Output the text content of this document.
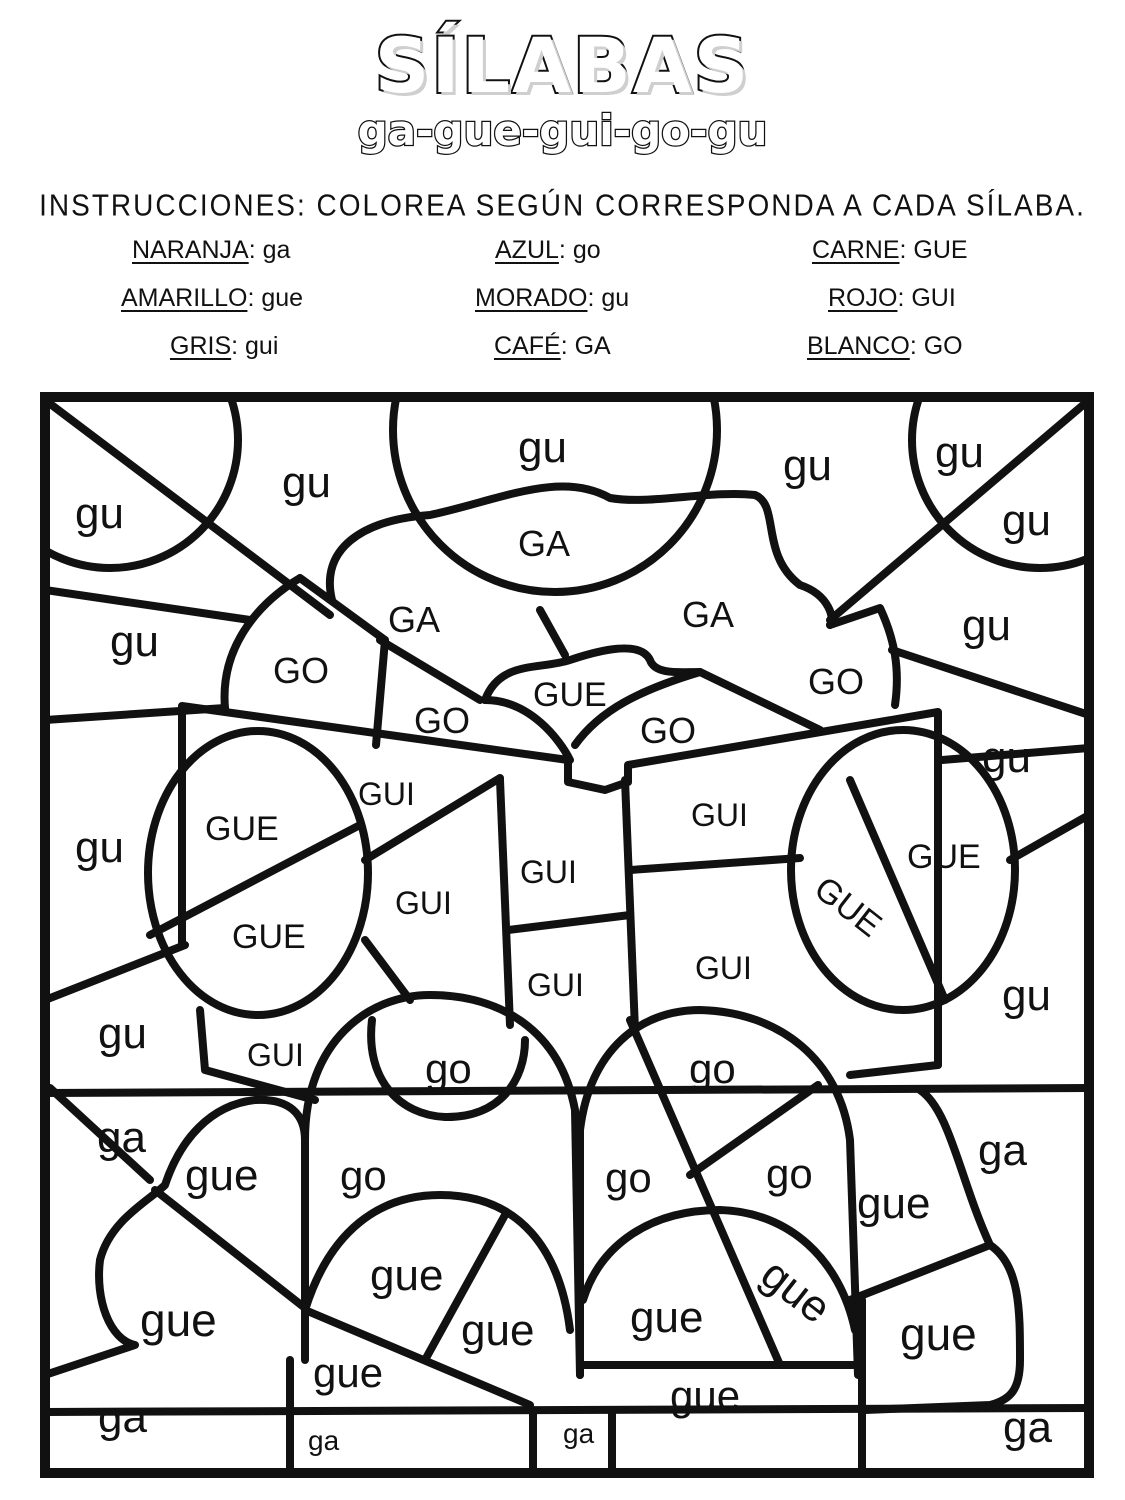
SÍLABAS
ga-gue-gui-go-gu
INSTRUCCIONES: COLOREA SEGÚN CORRESPONDA A CADA SÍLABA.
NARANJA: ga	AZUL: go	CARNE: GUE
AMARILLO: gue	MORADO: gu	ROJO: GUI
GRIS: gui	CAFÉ: GA	BLANCO: GO
gu
gu
gu	gu gu
gu
gu	gu
gu
gu
gu
gu
GA
GA	GA
GO
GO	GO
GO
GUE
GUE
GUE
GUE
GUE
GUI
GUI
GUI
GUI
GUI	GUI
GUI	go	go
go	go	go
gue
gue
gue
gue
gue	gue gue
gue
gue	gue
ga	ga
ga	ga	ga	ga
